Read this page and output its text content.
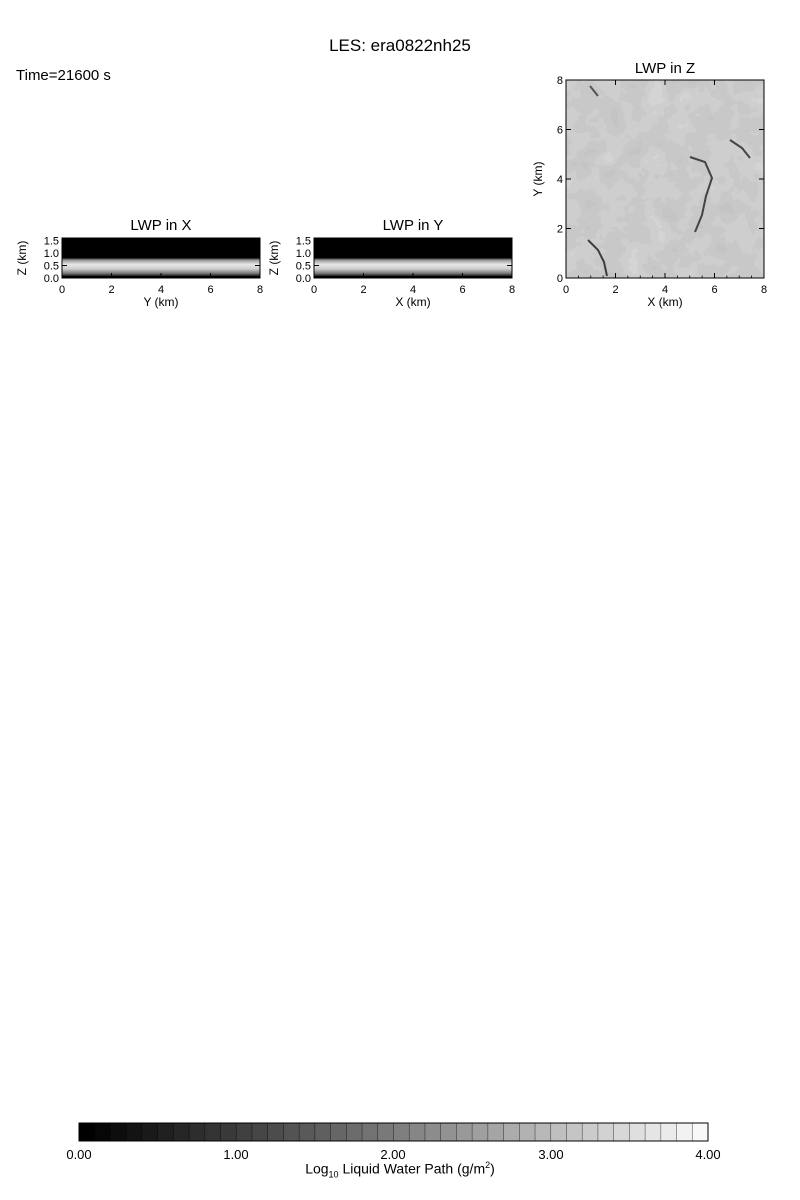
LES: era0822nh25
Time=21600 s
LWP in X	LWP in Y
LWP in Z
0	2	4	6	8
0.0
0.5
1.0
1.5
Y (km)
Z (km)
0	2	4	6	8
0.0
0.5
1.0
1.5
X (km)
Z (km)
0	2	4	6	8
0
2
4
6
8
X (km)
Y (km)
0.00	1.00	2.00	3.00	4.00
Log$_{10}$ Liquid Water Path $(g/m^2)$
